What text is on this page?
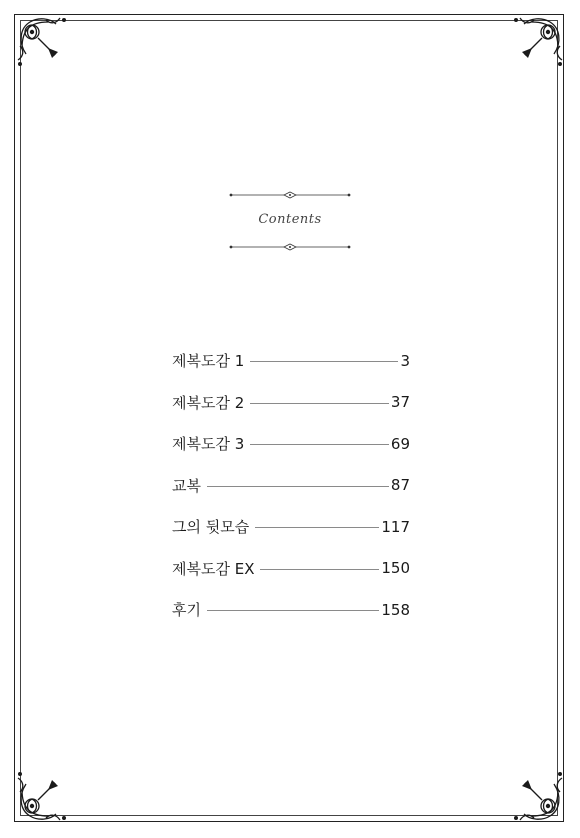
Contents
제복도감 1	3
제복도감 2	37
제복도감 3	69
교복	87
그의 뒷모습	117
제복도감 EX	150
후기	158
